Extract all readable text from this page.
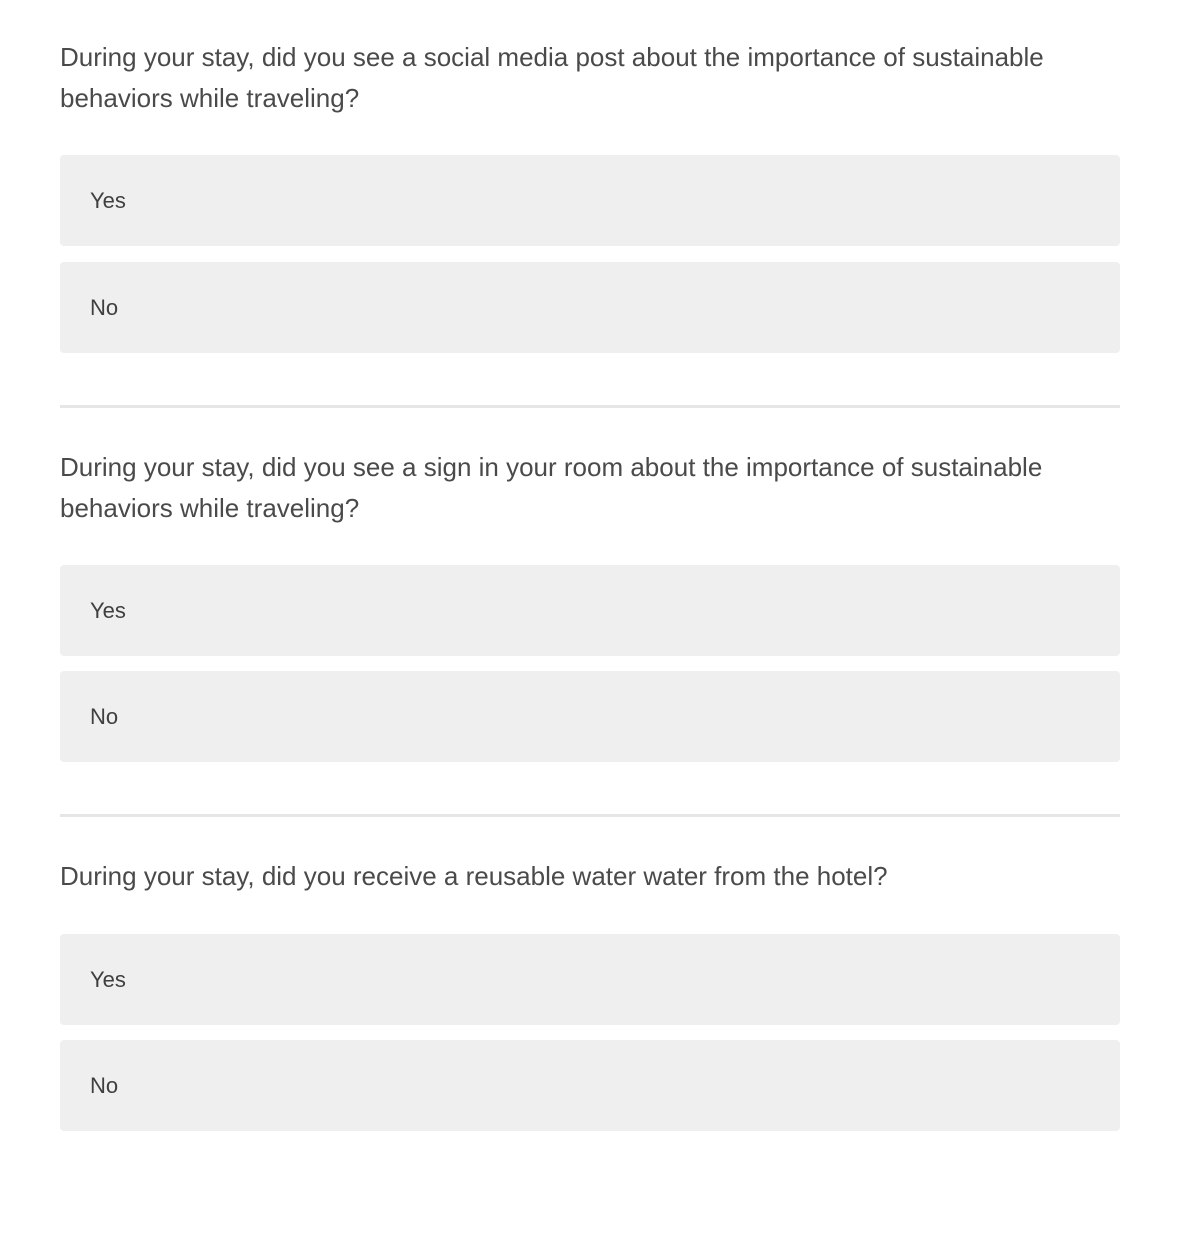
During your stay, did you see a social media post about the importance of sustainable behaviors while traveling?

Yes
No

During your stay, did you see a sign in your room about the importance of sustainable behaviors while traveling?

Yes
No

During your stay, did you receive a reusable water water from the hotel?

Yes
No
